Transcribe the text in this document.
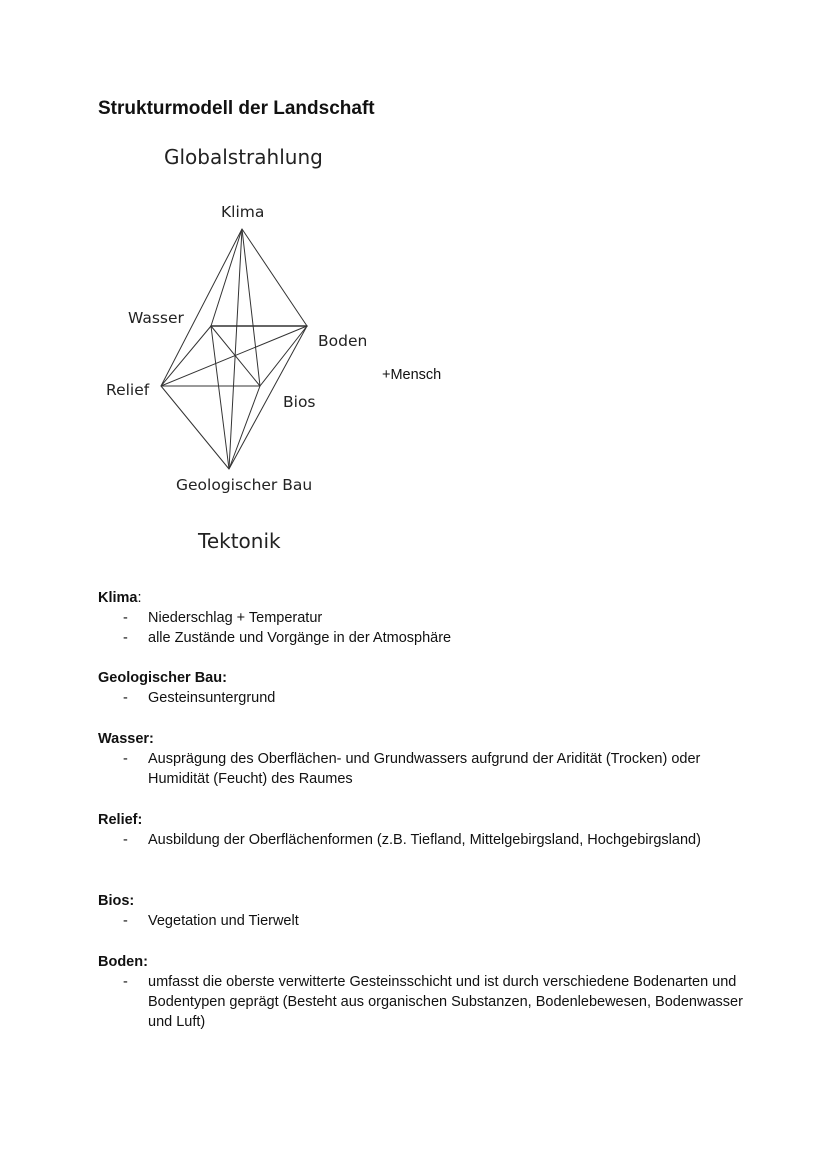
Strukturmodell der Landschaft
Globalstrahlung
Klima
Wasser
Boden
Relief
Bios
Geologischer Bau
Tektonik
+Mensch
Klima:
- Niederschlag + Temperatur
- alle Zustände und Vorgänge in der Atmosphäre
Geologischer Bau:
- Gesteinsuntergrund
Wasser:
- Ausprägung des Oberflächen- und Grundwassers aufgrund der Aridität (Trocken) oder Humidität (Feucht) des Raumes
Relief:
- Ausbildung der Oberflächenformen (z.B. Tiefland, Mittelgebirgsland, Hochgebirgsland)
Bios:
- Vegetation und Tierwelt
Boden:
- umfasst die oberste verwitterte Gesteinsschicht und ist durch verschiedene Bodenarten und Bodentypen geprägt (Besteht aus organischen Substanzen, Bodenlebewesen, Bodenwasser und Luft)
